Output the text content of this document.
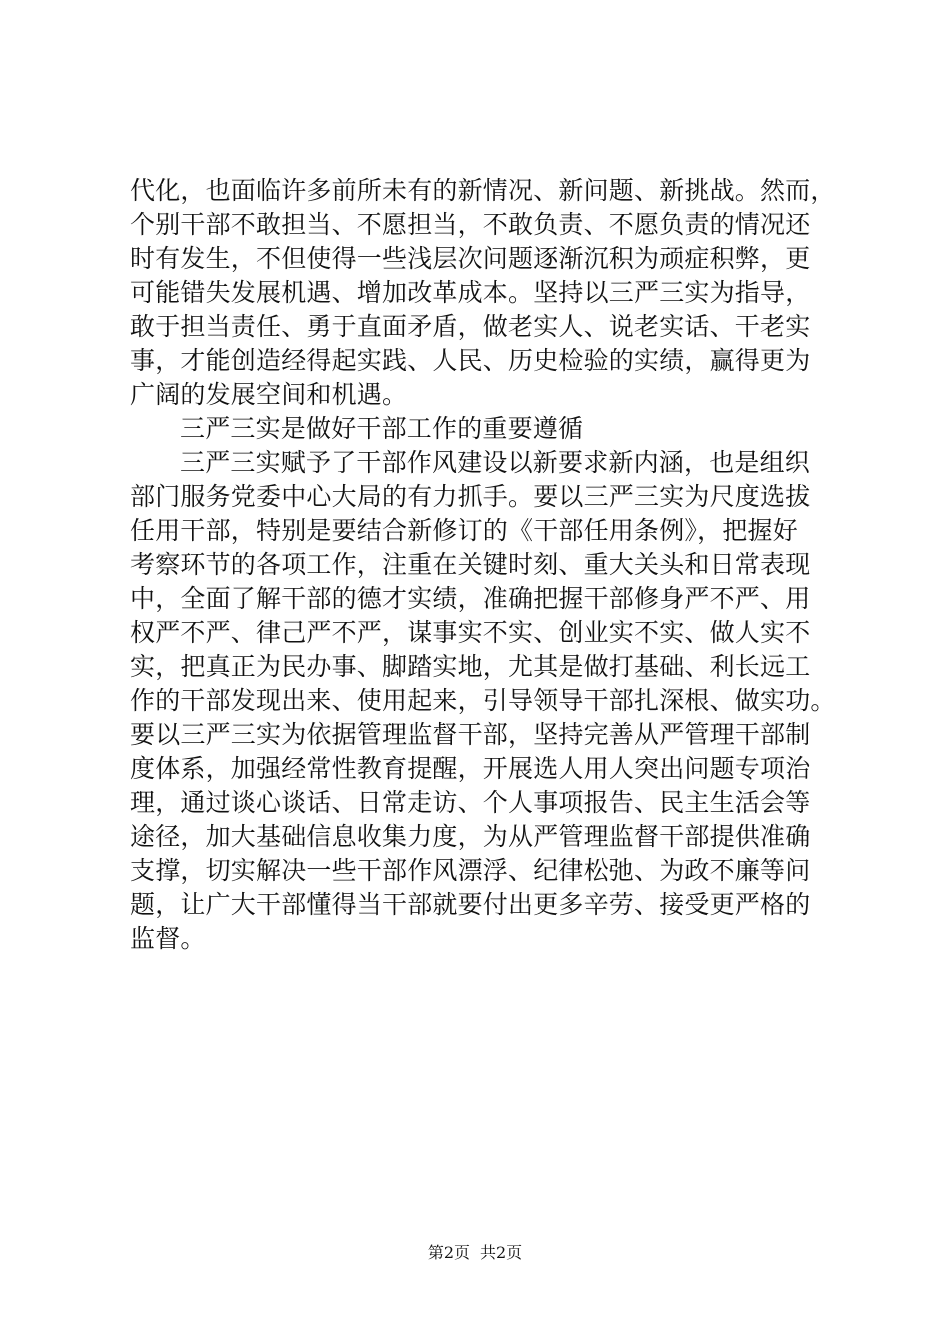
代化，也面临许多前所未有的新情况、新问题、新挑战。然而，
个别干部不敢担当、不愿担当，不敢负责、不愿负责的情况还
时有发生，不但使得一些浅层次问题逐渐沉积为顽症积弊，更
可能错失发展机遇、增加改革成本。坚持以三严三实为指导，
敢于担当责任、勇于直面矛盾，做老实人、说老实话、干老实
事，才能创造经得起实践、人民、历史检验的实绩，赢得更为
广阔的发展空间和机遇。
三严三实是做好干部工作的重要遵循
三严三实赋予了干部作风建设以新要求新内涵，也是组织
部门服务党委中心大局的有力抓手。要以三严三实为尺度选拔
任用干部，特别是要结合新修订的《干部任用条例》，把握好
考察环节的各项工作，注重在关键时刻、重大关头和日常表现
中，全面了解干部的德才实绩，准确把握干部修身严不严、用
权严不严、律己严不严，谋事实不实、创业实不实、做人实不
实，把真正为民办事、脚踏实地，尤其是做打基础、利长远工
作的干部发现出来、使用起来，引导领导干部扎深根、做实功。
要以三严三实为依据管理监督干部，坚持完善从严管理干部制
度体系，加强经常性教育提醒，开展选人用人突出问题专项治
理，通过谈心谈话、日常走访、个人事项报告、民主生活会等
途径，加大基础信息收集力度，为从严管理监督干部提供准确
支撑，切实解决一些干部作风漂浮、纪律松弛、为政不廉等问
题，让广大干部懂得当干部就要付出更多辛劳、接受更严格的
监督。
第2页 共2页
